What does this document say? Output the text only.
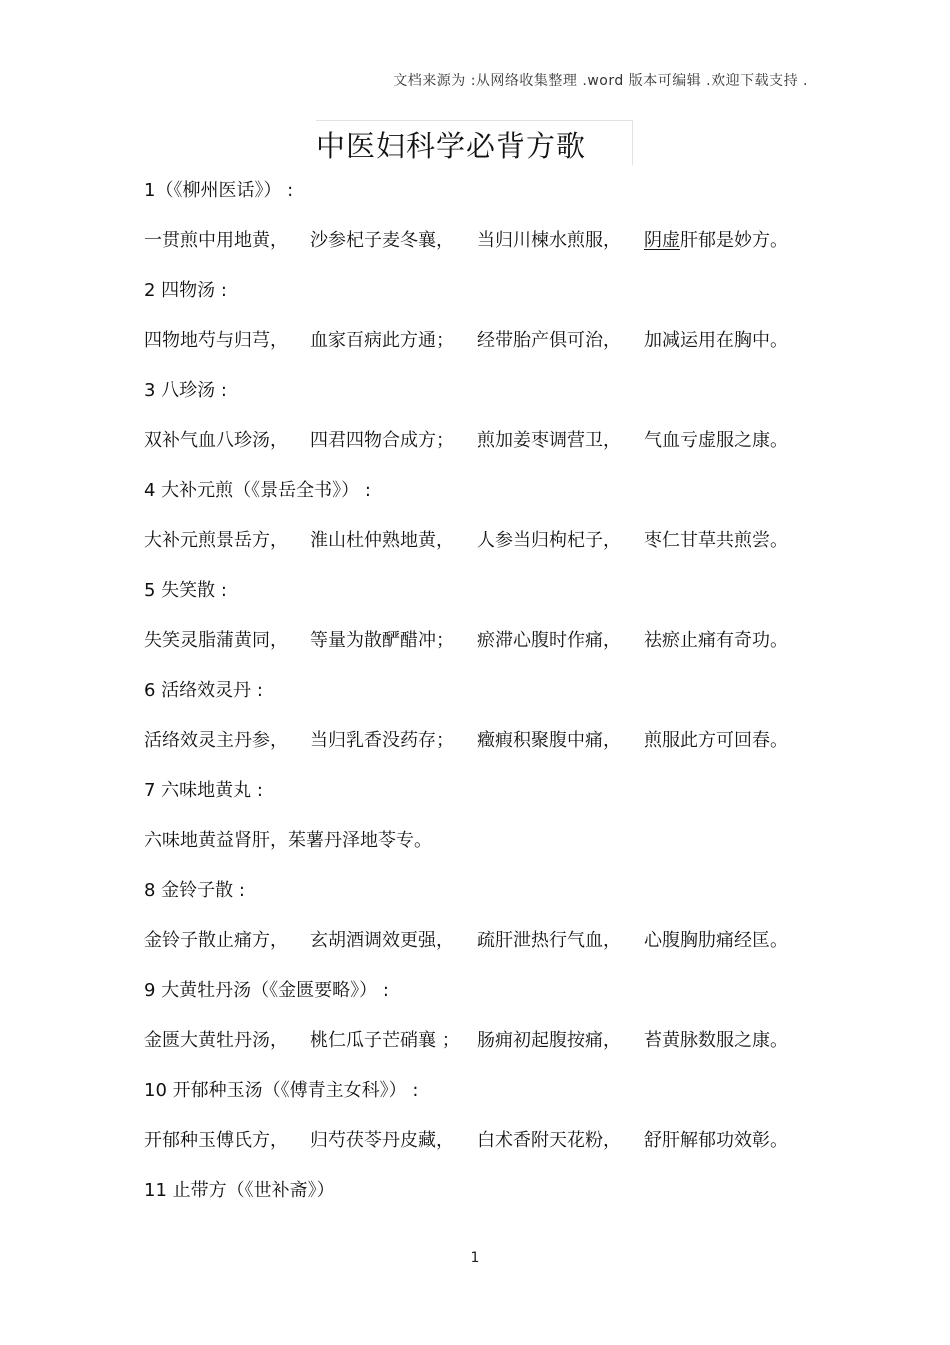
文档来源为 :从网络收集整理 .word 版本可编辑 .欢迎下载支持 .
中医妇科学必背方歌
1（《柳州医话》） :
一贯煎中用地黄， 沙参杞子麦冬襄， 当归川楝水煎服， 阴虚肝郁是妙方。
2 四物汤 :
四物地芍与归芎， 血家百病此方通； 经带胎产俱可治， 加减运用在胸中。
3 八珍汤 :
双补气血八珍汤， 四君四物合成方； 煎加姜枣调营卫， 气血亏虚服之康。
4 大补元煎（《景岳全书》） :
大补元煎景岳方， 淮山杜仲熟地黄， 人参当归枸杞子， 枣仁甘草共煎尝。
5 失笑散 :
失笑灵脂蒲黄同， 等量为散酽醋冲； 瘀滞心腹时作痛， 祛瘀止痛有奇功。
6 活络效灵丹 :
活络效灵主丹参， 当归乳香没药存； 癥瘕积聚腹中痛， 煎服此方可回春。
7 六味地黄丸 :
六味地黄益肾肝，茱薯丹泽地苓专。
8 金铃子散 :
金铃子散止痛方， 玄胡酒调效更强， 疏肝泄热行气血， 心腹胸肋痛经匡。
9 大黄牡丹汤（《金匮要略》） :
金匮大黄牡丹汤， 桃仁瓜子芒硝襄 ； 肠痈初起腹按痛， 苔黄脉数服之康。
10 开郁种玉汤（《傅青主女科》） :
开郁种玉傅氏方， 归芍茯苓丹皮藏， 白术香附天花粉， 舒肝解郁功效彰。
11 止带方（《世补斋》）
1
